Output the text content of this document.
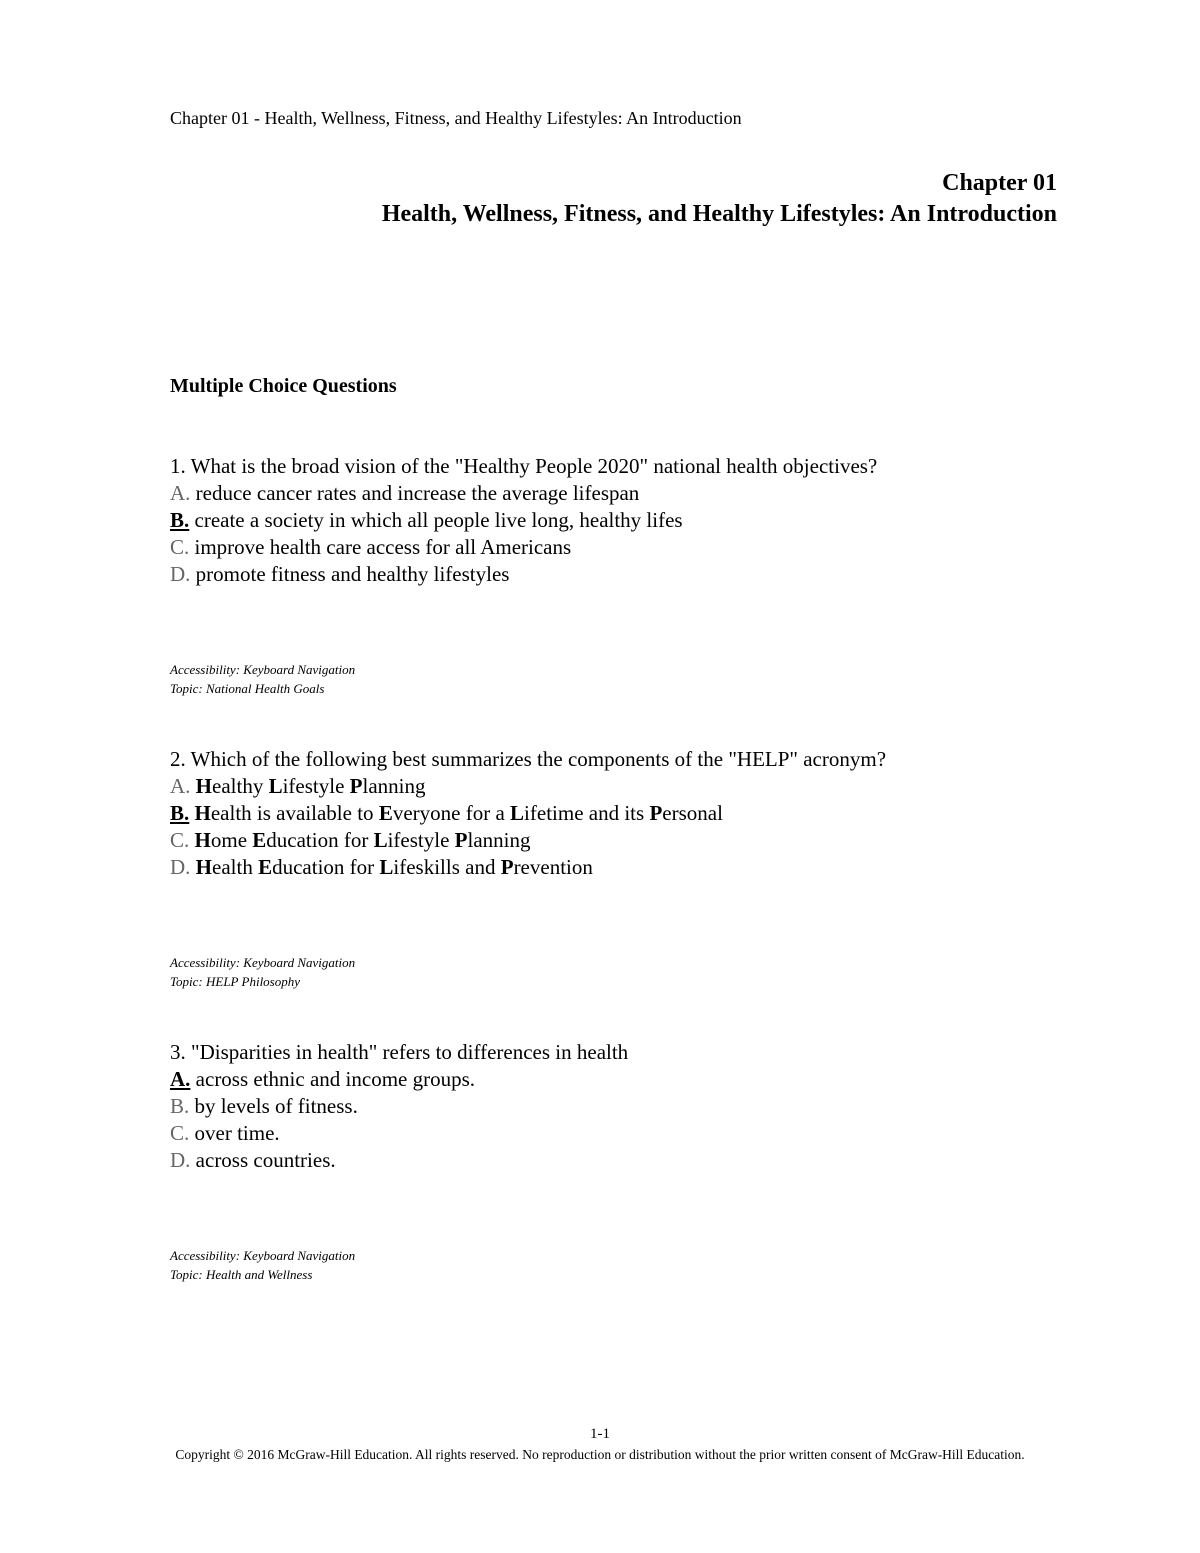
Chapter 01 - Health, Wellness, Fitness, and Healthy Lifestyles: An Introduction
Chapter 01
Health, Wellness, Fitness, and Healthy Lifestyles: An Introduction
Multiple Choice Questions
1. What is the broad vision of the "Healthy People 2020" national health objectives?
A. reduce cancer rates and increase the average lifespan
B. create a society in which all people live long, healthy lifes
C. improve health care access for all Americans
D. promote fitness and healthy lifestyles
Accessibility: Keyboard Navigation
Topic: National Health Goals
2. Which of the following best summarizes the components of the "HELP" acronym?
A. Healthy Lifestyle Planning
B. Health is available to Everyone for a Lifetime and its Personal
C. Home Education for Lifestyle Planning
D. Health Education for Lifeskills and Prevention
Accessibility: Keyboard Navigation
Topic: HELP Philosophy
3. "Disparities in health" refers to differences in health
A. across ethnic and income groups.
B. by levels of fitness.
C. over time.
D. across countries.
Accessibility: Keyboard Navigation
Topic: Health and Wellness
1-1
Copyright © 2016 McGraw-Hill Education. All rights reserved. No reproduction or distribution without the prior written consent of McGraw-Hill Education.
